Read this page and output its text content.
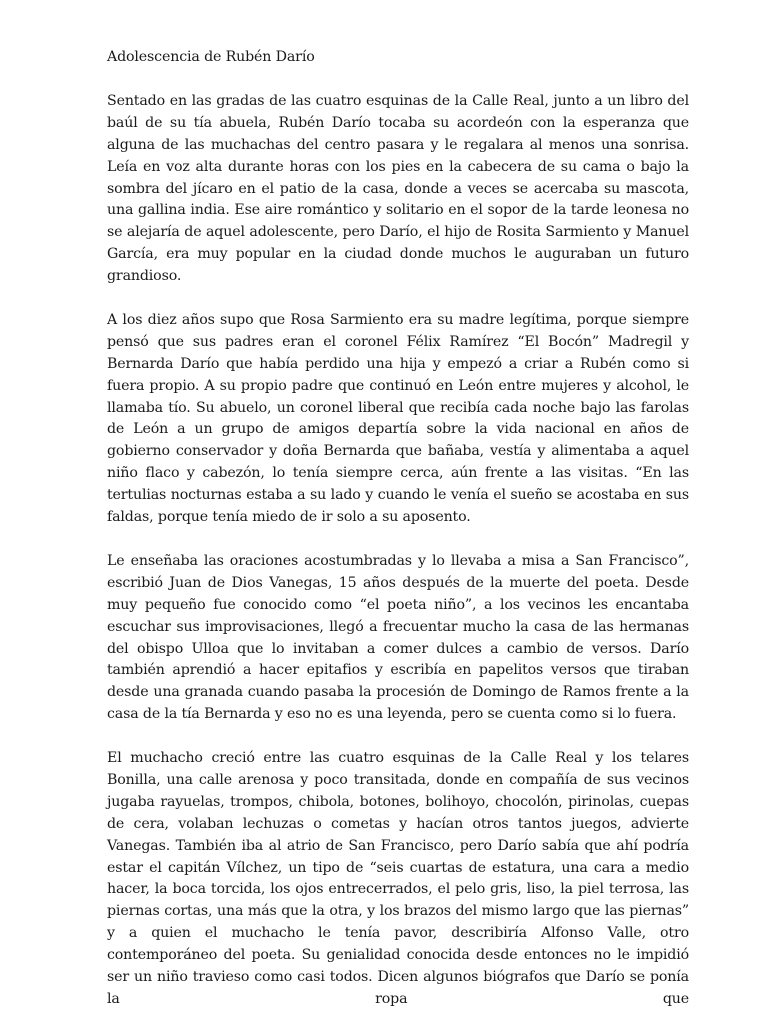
Adolescencia de Rubén Darío

Sentado en las gradas de las cuatro esquinas de la Calle Real, junto a un libro del baúl de su tía abuela, Rubén Darío tocaba su acordeón con la esperanza que alguna de las muchachas del centro pasara y le regalara al menos una sonrisa. Leía en voz alta durante horas con los pies en la cabecera de su cama o bajo la sombra del jícaro en el patio de la casa, donde a veces se acercaba su mascota, una gallina india. Ese aire romántico y solitario en el sopor de la tarde leonesa no se alejaría de aquel adolescente, pero Darío, el hijo de Rosita Sarmiento y Manuel García, era muy popular en la ciudad donde muchos le auguraban un futuro grandioso.

A los diez años supo que Rosa Sarmiento era su madre legítima, porque siempre pensó que sus padres eran el coronel Félix Ramírez “El Bocón” Madregil y Bernarda Darío que había perdido una hija y empezó a criar a Rubén como si fuera propio. A su propio padre que continuó en León entre mujeres y alcohol, le llamaba tío. Su abuelo, un coronel liberal que recibía cada noche bajo las farolas de León a un grupo de amigos departía sobre la vida nacional en años de gobierno conservador y doña Bernarda que bañaba, vestía y alimentaba a aquel niño flaco y cabezón, lo tenía siempre cerca, aún frente a las visitas. “En las tertulias nocturnas estaba a su lado y cuando le venía el sueño se acostaba en sus faldas, porque tenía miedo de ir solo a su aposento.

Le enseñaba las oraciones acostumbradas y lo llevaba a misa a San Francisco”, escribió Juan de Dios Vanegas, 15 años después de la muerte del poeta. Desde muy pequeño fue conocido como “el poeta niño”, a los vecinos les encantaba escuchar sus improvisaciones, llegó a frecuentar mucho la casa de las hermanas del obispo Ulloa que lo invitaban a comer dulces a cambio de versos. Darío también aprendió a hacer epitafios y escribía en papelitos versos que tiraban desde una granada cuando pasaba la procesión de Domingo de Ramos frente a la casa de la tía Bernarda y eso no es una leyenda, pero se cuenta como si lo fuera.

El muchacho creció entre las cuatro esquinas de la Calle Real y los telares Bonilla, una calle arenosa y poco transitada, donde en compañía de sus vecinos jugaba rayuelas, trompos, chibola, botones, bolihoyo, chocolón, pirinolas, cuepas de cera, volaban lechuzas o cometas y hacían otros tantos juegos, advierte Vanegas. También iba al atrio de San Francisco, pero Darío sabía que ahí podría estar el capitán Vílchez, un tipo de “seis cuartas de estatura, una cara a medio hacer, la boca torcida, los ojos entrecerrados, el pelo gris, liso, la piel terrosa, las piernas cortas, una más que la otra, y los brazos del mismo largo que las piernas” y a quien el muchacho le tenía pavor, describiría Alfonso Valle, otro contemporáneo del poeta. Su genialidad conocida desde entonces no le impidió ser un niño travieso como casi todos. Dicen algunos biógrafos que Darío se ponía la ropa que
